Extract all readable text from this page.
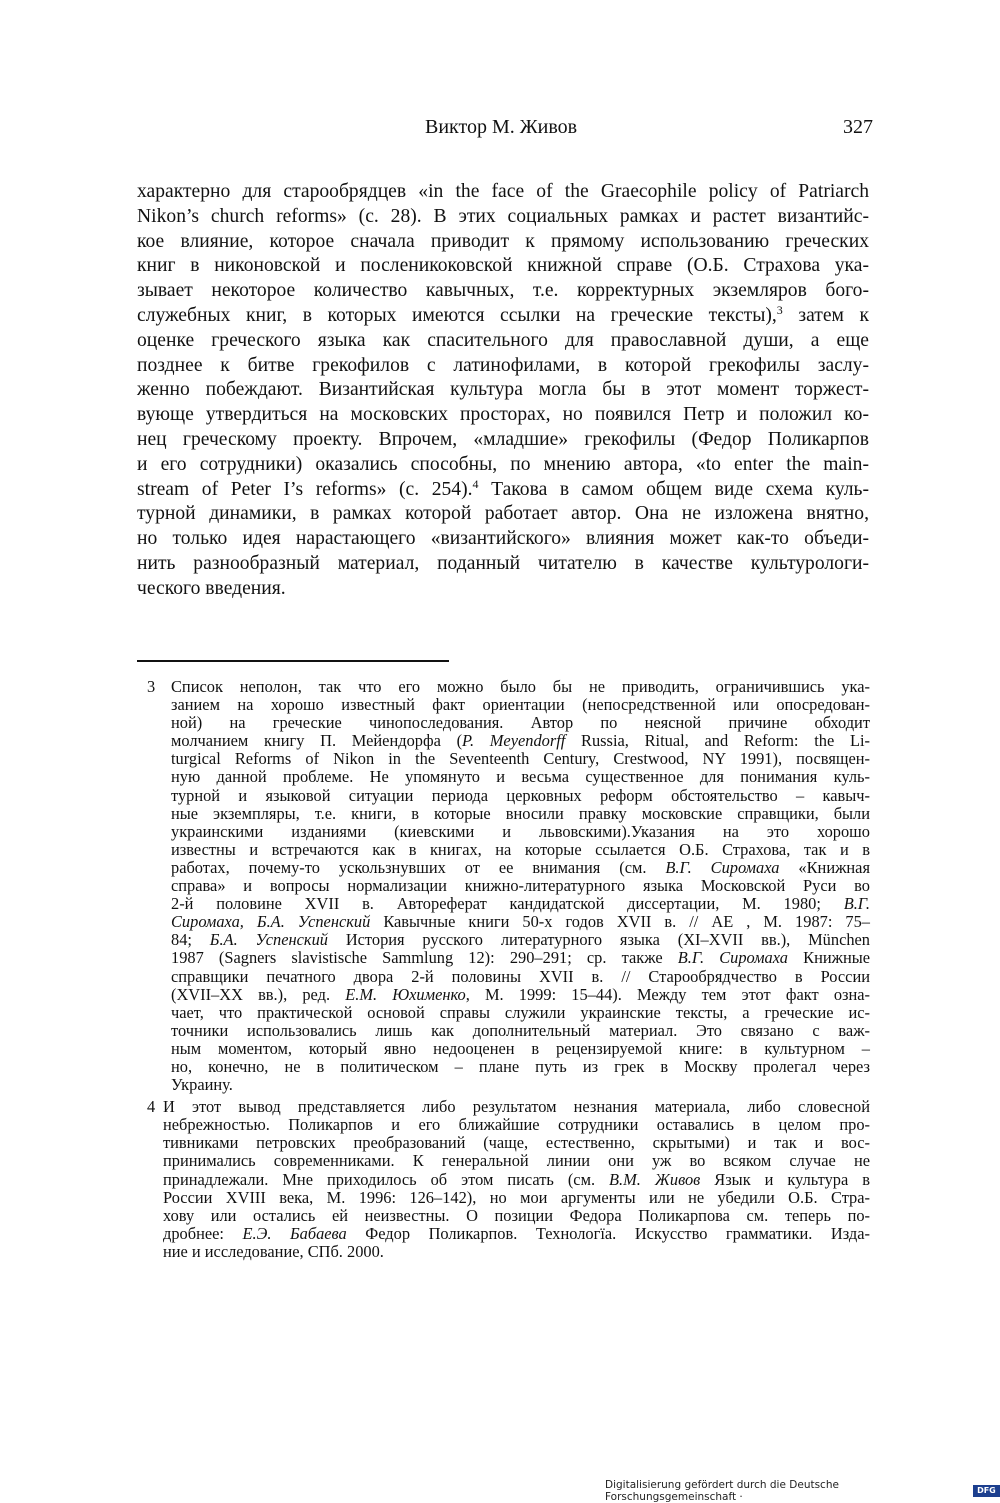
Виктор М. Живов	327
характерно для старообрядцев «in the face of the Graecophile policy of Patriarch
Nikon’s church reforms» (c. 28). В этих социальных рамках и растет византийс-
кое влияние, которое сначала приводит к прямому использованию греческих
книг в никоновской и посленикоковской книжной справе (О.Б. Страхова ука-
зывает некоторое количество кавычных, т.е. корректурных экземляров бого-
служебных книг, в которых имеются ссылки на греческие тексты),$^3$ затем к
оценке греческого языка как спасительного для православной души, а еще
позднее к битве грекофилов с латинофилами, в которой грекофилы заслу-
женно побеждают. Византийская культура могла бы в этот момент торжест-
вующе утвердиться на московских просторах, но появился Петр и положил ко-
нец греческому проекту. Впрочем, «младшие» грекофилы (Федор Поликарпов
и его сотрудники) оказались способны, по мнению автора, «to enter the main-
stream of Peter I’s reforms» (c. 254).$^4$ Такова в самом общем виде схема куль-
турной динамики, в рамках которой работает автор. Она не изложена внятно,
но только идея нарастающего «византийского» влияния может как-то объеди-
нить разнообразный материал, поданный читателю в качестве культурологи-
ческого введения.
3 Список неполон, так что его можно было бы не приводить, ограничившись ука-
занием на хорошо известный факт ориентации (непосредственной или опосредован-
ной) на греческие чинопоследования. Автор по неясной причине обходит
молчанием книгу П. Мейендорфа (P. Meyendorff Russia, Ritual, and Reform: the Li-
turgical Reforms of Nikon in the Seventeenth Century, Crestwood, NY 1991), посвящен-
ную данной проблеме. Не упомянуто и весьма существенное для понимания куль-
турной и языковой ситуации периода церковных реформ обстоятельство – кавыч-
ные экземпляры, т.е. книги, в которые вносили правку московские справщики, были
украинскими изданиями (киевскими и львовскими).Указания на это хорошо
известны и встречаются как в книгах, на которые ссылается О.Б. Страхова, так и в
работах, почему-то ускользнувших от ее внимания (см. В.Г. Сиромаха «Книжная
справа» и вопросы нормализации книжно-литературного языка Московской Руси во
2-й половине XVII в. Автореферат кандидатской диссертации, М. 1980; В.Г.
Сиромаха, Б.А. Успенский Кавычные книги 50-х годов XVII в. // АЕ , М. 1987: 75–
84; Б.А. Успенский История русского литературного языка (XI–XVII вв.), München
1987 (Sagners slavistische Sammlung 12): 290–291; ср. также В.Г. Сиромаха Книжные
справщики печатного двора 2-й половины XVII в. // Старообрядчество в России
(XVII–XX вв.), ред. Е.М. Юхименко, М. 1999: 15–44). Между тем этот факт озна-
чает, что практической основой справы служили украинские тексты, а греческие ис-
точники использовались лишь как дополнительный материал. Это связано с важ-
ным моментом, который явно недооценен в рецензируемой книге: в культурном –
но, конечно, не в политическом – плане путь из грек в Москву пролегал через
Украину.
4 И этот вывод представляется либо результатом незнания материала, либо словесной
небрежностью. Поликарпов и его ближайшие сотрудники оставались в целом про-
тивниками петровских преобразований (чаще, естественно, скрытыми) и так и вос-
принимались современниками. К генеральной линии они уж во всяком случае не
принадлежали. Мне приходилось об этом писать (см. В.М. Живов Язык и культура в
России XVIII века, М. 1996: 126–142), но мои аргументы или не убедили О.Б. Стра-
хову или остались ей неизвестны. О позиции Федора Поликарпова см. теперь по-
дробнее: Е.Э. Бабаева Федор Поликарпов. Технологïа. Искусство грамматики. Изда-
ние и исследование, СПб. 2000.
Digitalisierung gefördert durch die Deutsche Forschungsgemeinschaft ·
DFG
